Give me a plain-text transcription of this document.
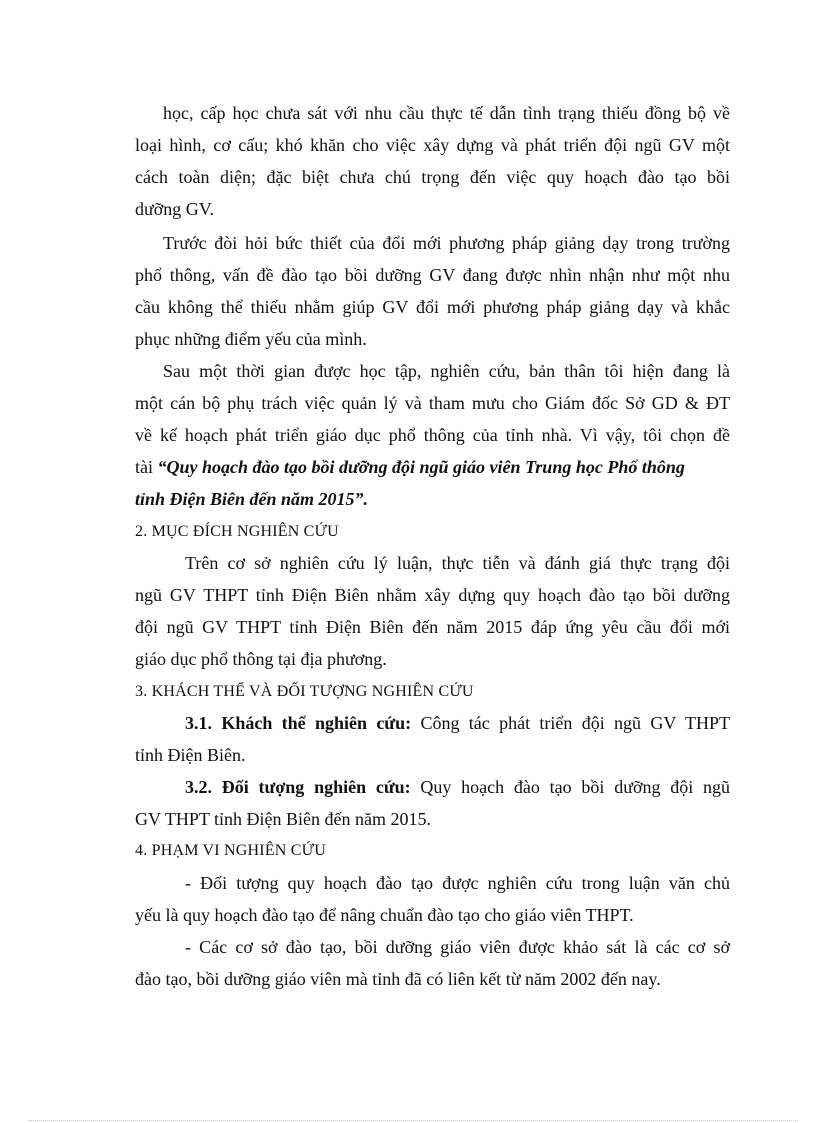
học, cấp học chưa sát với nhu cầu thực tế dẫn tình trạng thiếu đồng bộ về
loại hình, cơ cấu; khó khăn cho việc xây dựng và phát triển đội ngũ GV một
cách toàn diện; đặc biệt chưa chú trọng đến việc quy hoạch đào tạo bồi
dưỡng GV.
Trước đòi hỏi bức thiết của đổi mới phương pháp giảng dạy trong trường
phổ thông, vấn đề đào tạo bồi dưỡng GV đang được nhìn nhận như một nhu
cầu không thể thiếu nhằm giúp GV đổi mới phương pháp giảng dạy và khắc
phục những điểm yếu của mình.
Sau một thời gian được học tập, nghiên cứu, bản thân tôi hiện đang là
một cán bộ phụ trách việc quản lý và tham mưu cho Giám đốc Sở GD & ĐT
về kế hoạch phát triển giáo dục phổ thông của tỉnh nhà. Vì vậy, tôi chọn đề
tài “Quy hoạch đào tạo bồi dưỡng đội ngũ giáo viên Trung học Phổ thông
tỉnh Điện Biên đến năm 2015”.
2. MỤC ĐÍCH NGHIÊN CỨU
Trên cơ sở nghiên cứu lý luận, thực tiễn và đánh giá thực trạng đội
ngũ GV THPT tỉnh Điện Biên nhằm xây dựng quy hoạch đào tạo bồi dưỡng
đội ngũ GV THPT tỉnh Điện Biên đến năm 2015 đáp ứng yêu cầu đổi mới
giáo dục phổ thông tại địa phương.
3. KHÁCH THỂ VÀ ĐỐI TƯỢNG NGHIÊN CỨU
3.1. Khách thể nghiên cứu: Công tác phát triển đội ngũ GV THPT
tỉnh Điện Biên.
3.2. Đối tượng nghiên cứu: Quy hoạch đào tạo bồi dưỡng đội ngũ
GV THPT tỉnh Điện Biên đến năm 2015.
4. PHẠM VI NGHIÊN CỨU
- Đối tượng quy hoạch đào tạo được nghiên cứu trong luận văn chủ
yếu là quy hoạch đào tạo để nâng chuẩn đào tạo cho giáo viên THPT.
- Các cơ sở đào tạo, bồi dưỡng giáo viên được khảo sát là các cơ sở
đào tạo, bồi dưỡng giáo viên mà tỉnh đã có liên kết từ năm 2002 đến nay.
